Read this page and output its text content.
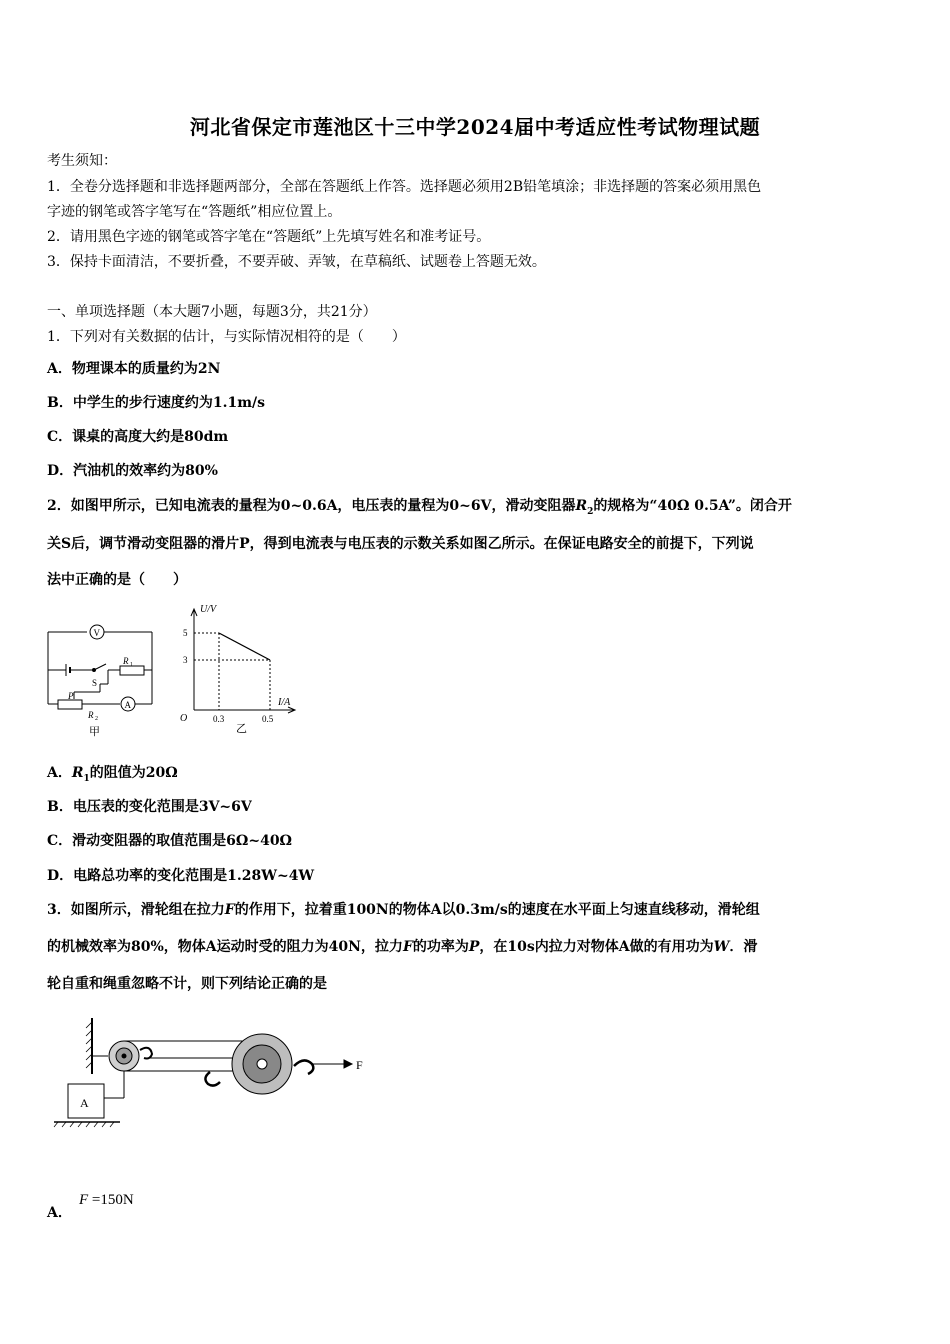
河北省保定市莲池区十三中学2024届中考适应性考试物理试题
考生须知：
1．全卷分选择题和非选择题两部分，全部在答题纸上作答。选择题必须用2B铅笔填涂；非选择题的答案必须用黑色
字迹的钢笔或答字笔写在“答题纸”相应位置上。
2．请用黑色字迹的钢笔或答字笔在“答题纸”上先填写姓名和准考证号。
3．保持卡面清洁，不要折叠，不要弄破、弄皱，在草稿纸、试题卷上答题无效。
一、单项选择题（本大题7小题，每题3分，共21分）
1．下列对有关数据的估计，与实际情况相符的是（　　）
A．物理课本的质量约为2N
B．中学生的步行速度约为1.1m/s
C．课桌的高度大约是80dm
D．汽油机的效率约为80%
2．如图甲所示，已知电流表的量程为0~0.6A，电压表的量程为0~6V，滑动变阻器$R_2$的规格为“40Ω 0.5A”。闭合开
关S后，调节滑动变阻器的滑片P，得到电流表与电压表的示数关系如图乙所示。在保证电路安全的前提下，下列说
法中正确的是（　　）
V
R 1
S
P
A
R 2
甲
U/V
I/A
O
5
3
0.3	0.5
乙
A．$R_1$的阻值为20Ω
B．电压表的变化范围是3V~6V
C．滑动变阻器的取值范围是6Ω~40Ω
D．电路总功率的变化范围是1.28W~4W
3．如图所示，滑轮组在拉力F的作用下，拉着重100N的物体A以0.3m/s的速度在水平面上匀速直线移动，滑轮组
的机械效率为80%，物体A运动时受的阻力为40N，拉力F的功率为P，在10s内拉力对物体A做的有用功为W．滑
轮自重和绳重忽略不计，则下列结论正确的是
F
A
A．
F =150N
